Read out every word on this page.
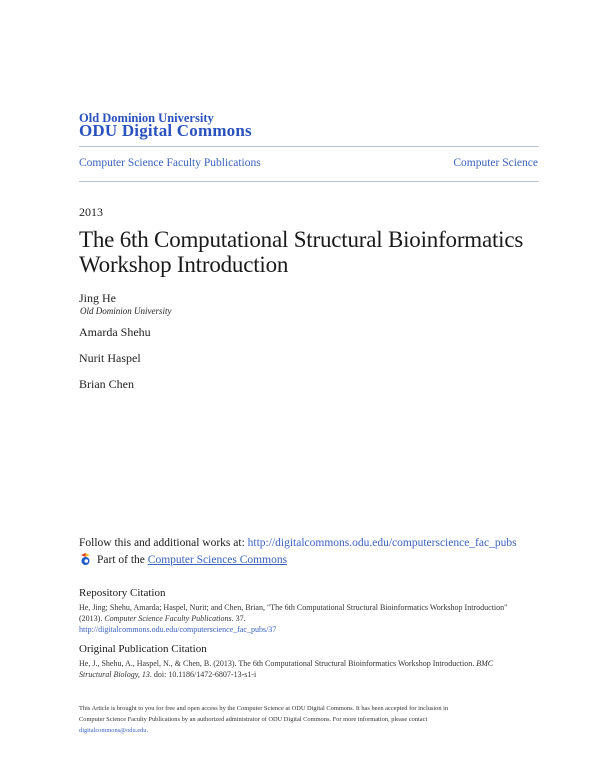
Old Dominion University
ODU Digital Commons
Computer Science Faculty Publications	Computer Science
2013
The 6th Computational Structural Bioinformatics Workshop Introduction
Jing He
Old Dominion University
Amarda Shehu
Nurit Haspel
Brian Chen
Follow this and additional works at: http://digitalcommons.odu.edu/computerscience_fac_pubs
Part of the
Computer Sciences Commons
Repository Citation
He, Jing; Shehu, Amarda; Haspel, Nurit; and Chen, Brian, "The 6th Computational Structural Bioinformatics Workshop Introduction"
(2013). Computer Science Faculty Publications. 37.
http://digitalcommons.odu.edu/computerscience_fac_pubs/37
Original Publication Citation
He, J., Shehu, A., Haspel, N., & Chen, B. (2013). The 6th Computational Structural Bioinformatics Workshop Introduction. BMC
Structural Biology, 13. doi: 10.1186/1472-6807-13-s1-i
This Article is brought to you for free and open access by the Computer Science at ODU Digital Commons. It has been accepted for inclusion in
Computer Science Faculty Publications by an authorized administrator of ODU Digital Commons. For more information, please contact
digitalcommons@odu.edu.
